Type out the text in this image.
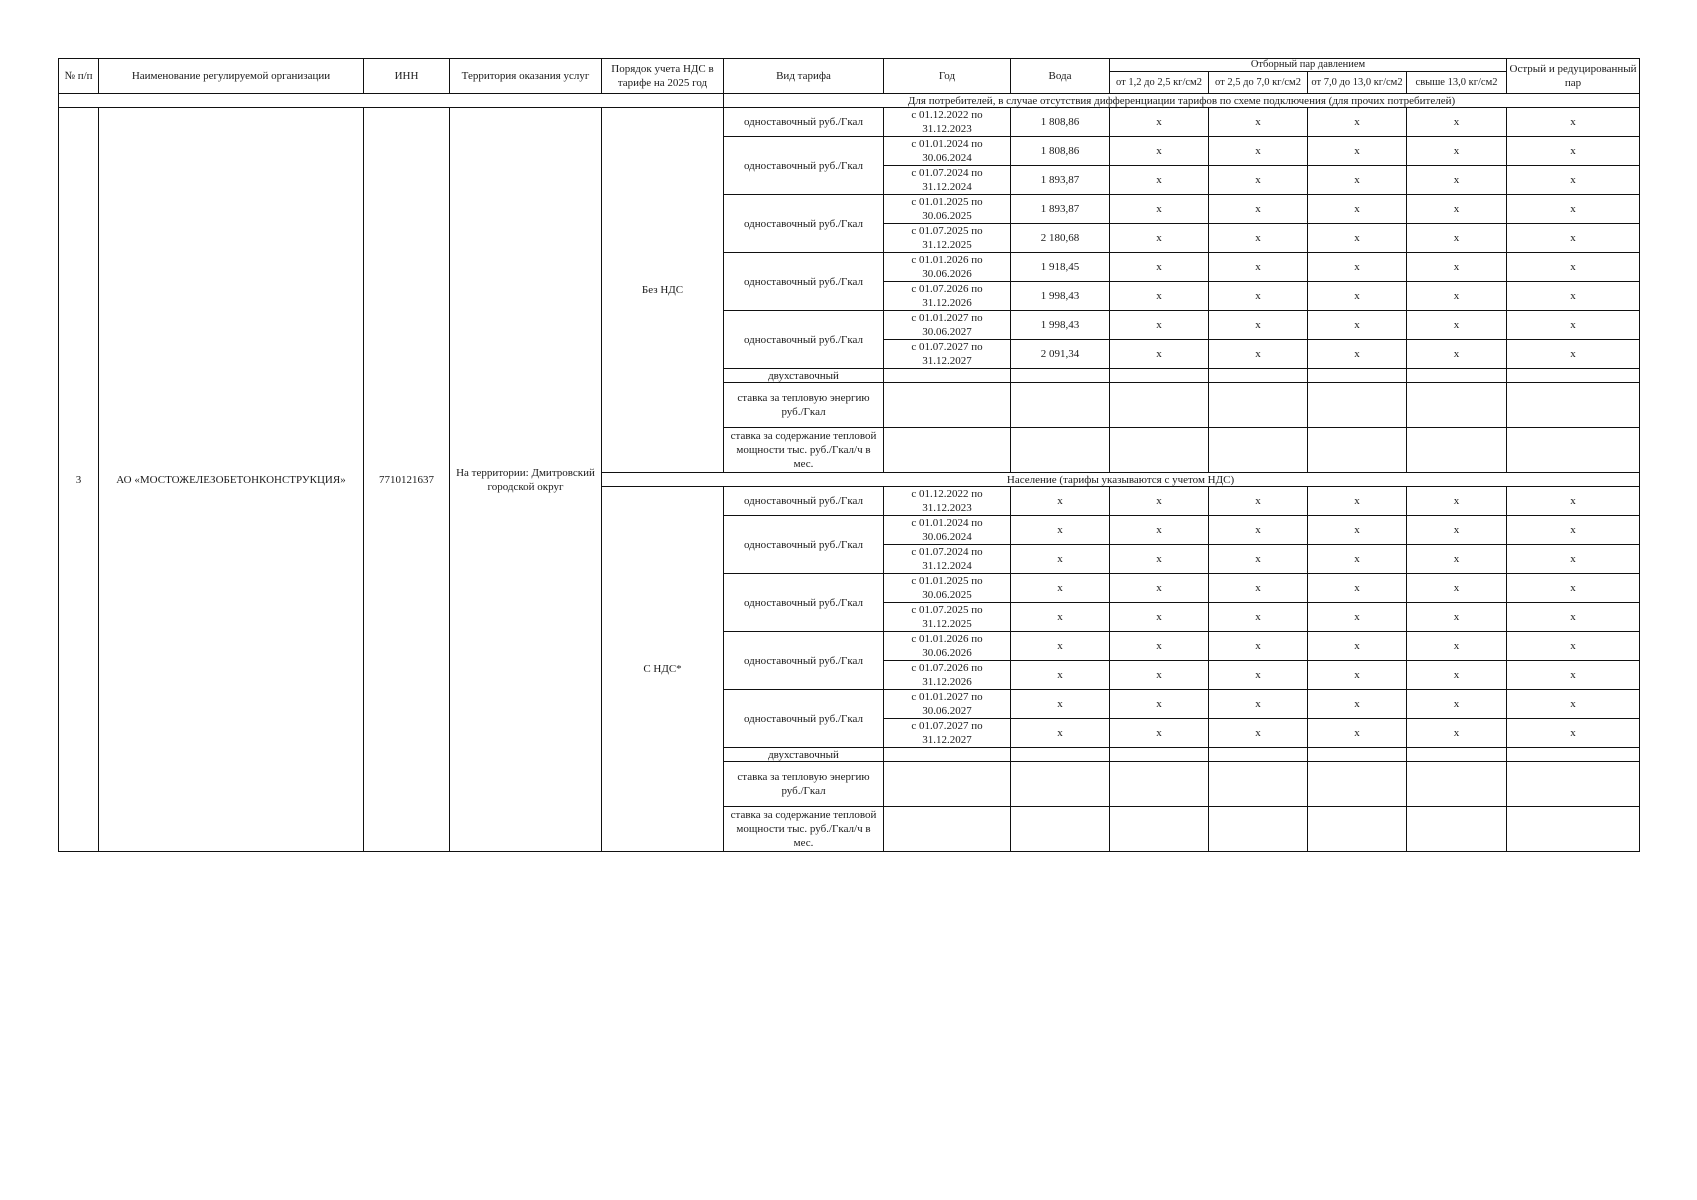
№ п/п	Наименование регулируемой организации	ИНН	Территория оказания услуг	Порядок учета НДС в тарифе на 2025 год	Вид тарифа	Год	Вода	Отборный пар давлением				Острый и редуцированный пар
								от 1,2 до 2,5 кг/см2	от 2,5 до 7,0 кг/см2	от 7,0 до 13,0 кг/см2	свыше 13,0 кг/см2	
					Для потребителей, в случае отсутствия дифференциации тарифов по схеме подключения (для прочих потребителей)							
3	АО «МОСТОЖЕЛЕЗОБЕТОНКОНСТРУКЦИЯ»	7710121637	На территории: Дмитровский городской округ	Без НДС	одноставочный руб./Гкал	с 01.12.2022 по 31.12.2023	1 808,86	x	x	x	x	x
					одноставочный руб./Гкал	с 01.01.2024 по 30.06.2024	1 808,86	x	x	x	x	x
						с 01.07.2024 по 31.12.2024	1 893,87	x	x	x	x	x
					одноставочный руб./Гкал	с 01.01.2025 по 30.06.2025	1 893,87	x	x	x	x	x
						с 01.07.2025 по 31.12.2025	2 180,68	x	x	x	x	x
					одноставочный руб./Гкал	с 01.01.2026 по 30.06.2026	1 918,45	x	x	x	x	x
						с 01.07.2026 по 31.12.2026	1 998,43	x	x	x	x	x
					одноставочный руб./Гкал	с 01.01.2027 по 30.06.2027	1 998,43	x	x	x	x	x
						с 01.07.2027 по 31.12.2027	2 091,34	x	x	x	x	x
					двухставочный							
					ставка за тепловую энергию руб./Гкал							
					ставка за содержание тепловой мощности тыс. руб./Гкал/ч в мес.							
				Население (тарифы указываются с учетом НДС)								
				С НДС*	одноставочный руб./Гкал	с 01.12.2022 по 31.12.2023	x	x	x	x	x	x
					одноставочный руб./Гкал	с 01.01.2024 по 30.06.2024	x	x	x	x	x	x
						с 01.07.2024 по 31.12.2024	x	x	x	x	x	x
					одноставочный руб./Гкал	с 01.01.2025 по 30.06.2025	x	x	x	x	x	x
						с 01.07.2025 по 31.12.2025	x	x	x	x	x	x
					одноставочный руб./Гкал	с 01.01.2026 по 30.06.2026	x	x	x	x	x	x
						с 01.07.2026 по 31.12.2026	x	x	x	x	x	x
					одноставочный руб./Гкал	с 01.01.2027 по 30.06.2027	x	x	x	x	x	x
						с 01.07.2027 по 31.12.2027	x	x	x	x	x	x
					двухставочный							
					ставка за тепловую энергию руб./Гкал							
					ставка за содержание тепловой мощности тыс. руб./Гкал/ч в мес.							
